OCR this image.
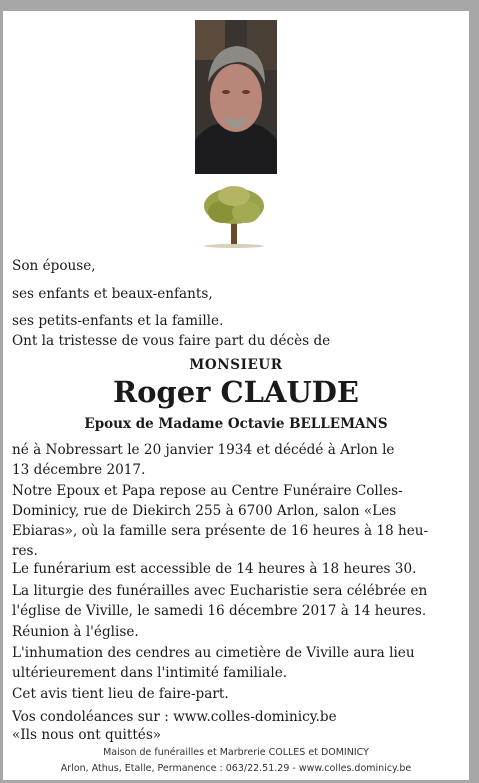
Son épouse,
ses enfants et beaux-enfants,
ses petits-enfants et la famille.
Ont la tristesse de vous faire part du décès de
MONSIEUR
Roger CLAUDE
Epoux de Madame Octavie BELLEMANS
né à Nobressart le 20 janvier 1934 et décédé à Arlon le
13 décembre 2017.
Notre Epoux et Papa repose au Centre Funéraire Colles-
Dominicy, rue de Diekirch 255 à 6700 Arlon, salon «Les
Ebiaras», où la famille sera présente de 16 heures à 18 heu-
res.
Le funérarium est accessible de 14 heures à 18 heures 30.
La liturgie des funérailles avec Eucharistie sera célébrée en
l'église de Viville, le samedi 16 décembre 2017 à 14 heures.
Réunion à l'église.
L'inhumation des cendres au cimetière de Viville aura lieu
ultérieurement dans l'intimité familiale.
Cet avis tient lieu de faire-part.
Vos condoléances sur : www.colles-dominicy.be
«Ils nous ont quittés»
Maison de funérailles et Marbrerie COLLES et DOMINICY
Arlon, Athus, Etalle, Permanence : 063/22.51.29 - www.colles.dominicy.be
